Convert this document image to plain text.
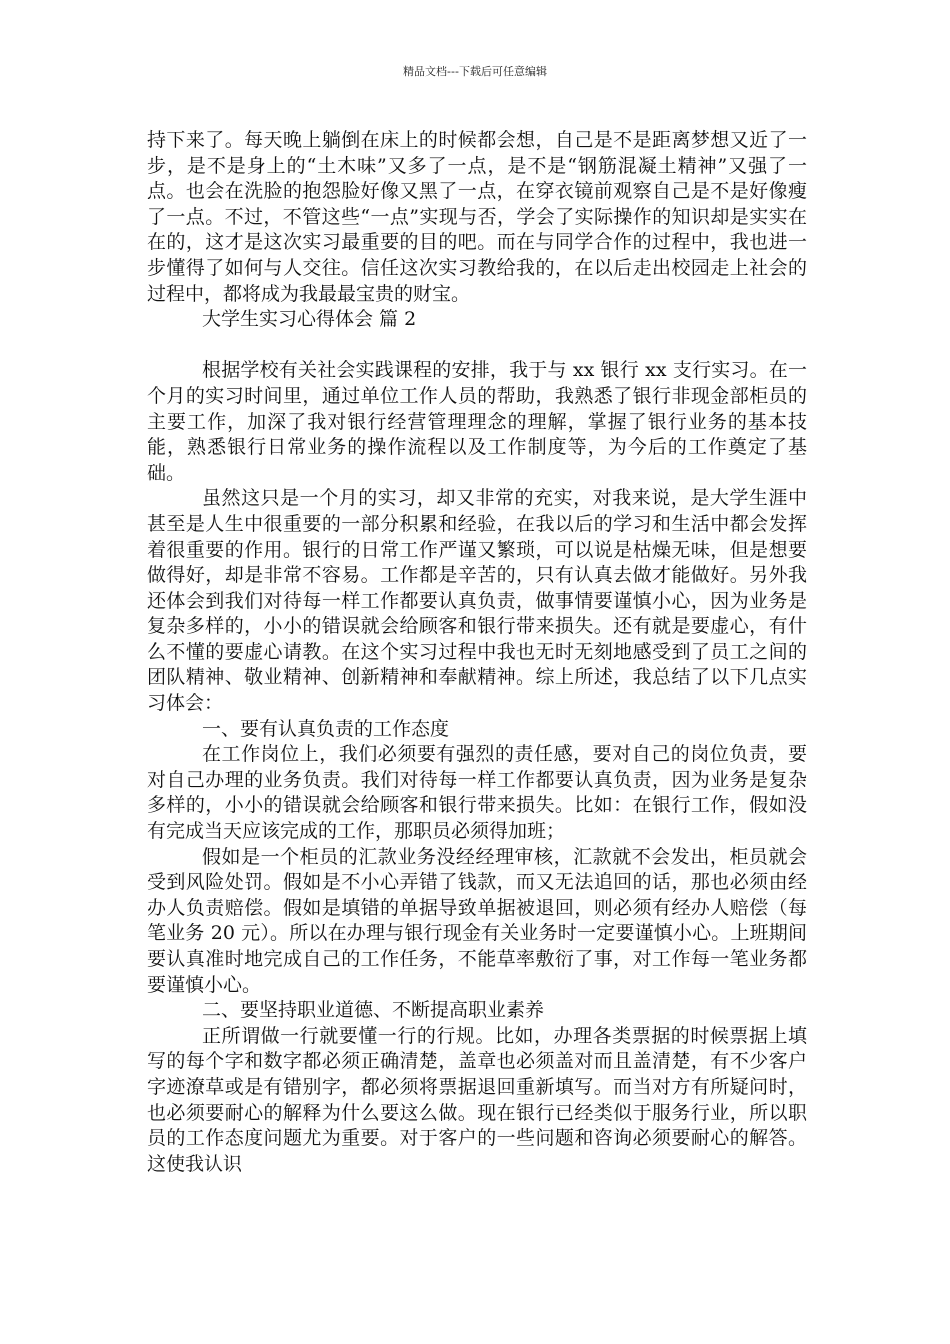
精品文档---下载后可任意编辑

持下来了。每天晚上躺倒在床上的时候都会想，自己是不是距离梦想又近了一步，是不是身上的“土木味”又多了一点，是不是“钢筋混凝土精神”又强了一点。也会在洗脸的抱怨脸好像又黑了一点，在穿衣镜前观察自己是不是好像瘦了一点。不过，不管这些“一点”实现与否，学会了实际操作的知识却是实实在在的，这才是这次实习最重要的目的吧。而在与同学合作的过程中，我也进一步懂得了如何与人交往。信任这次实习教给我的，在以后走出校园走上社会的过程中，都将成为我最最宝贵的财宝。

大学生实习心得体会 篇 2

根据学校有关社会实践课程的安排，我于与 xx 银行 xx 支行实习。在一个月的实习时间里，通过单位工作人员的帮助，我熟悉了银行非现金部柜员的主要工作，加深了我对银行经营管理理念的理解，掌握了银行业务的基本技能，熟悉银行日常业务的操作流程以及工作制度等，为今后的工作奠定了基础。

虽然这只是一个月的实习，却又非常的充实，对我来说，是大学生涯中甚至是人生中很重要的一部分积累和经验，在我以后的学习和生活中都会发挥着很重要的作用。银行的日常工作严谨又繁琐，可以说是枯燥无味，但是想要做得好，却是非常不容易。工作都是辛苦的，只有认真去做才能做好。另外我还体会到我们对待每一样工作都要认真负责，做事情要谨慎小心，因为业务是复杂多样的，小小的错误就会给顾客和银行带来损失。还有就是要虚心，有什么不懂的要虚心请教。在这个实习过程中我也无时无刻地感受到了员工之间的团队精神、敬业精神、创新精神和奉献精神。综上所述，我总结了以下几点实习体会：

一、要有认真负责的工作态度

在工作岗位上，我们必须要有强烈的责任感，要对自己的岗位负责，要对自己办理的业务负责。我们对待每一样工作都要认真负责，因为业务是复杂多样的，小小的错误就会给顾客和银行带来损失。比如：在银行工作，假如没有完成当天应该完成的工作，那职员必须得加班；

假如是一个柜员的汇款业务没经经理审核，汇款就不会发出，柜员就会受到风险处罚。假如是不小心弄错了钱款，而又无法追回的话，那也必须由经办人负责赔偿。假如是填错的单据导致单据被退回，则必须有经办人赔偿（每笔业务 20 元）。所以在办理与银行现金有关业务时一定要谨慎小心。上班期间要认真准时地完成自己的工作任务，不能草率敷衍了事，对工作每一笔业务都要谨慎小心。

二、要坚持职业道德、不断提高职业素养

正所谓做一行就要懂一行的行规。比如，办理各类票据的时候票据上填写的每个字和数字都必须正确清楚，盖章也必须盖对而且盖清楚，有不少客户字迹潦草或是有错别字，都必须将票据退回重新填写。而当对方有所疑问时，也必须要耐心的解释为什么要这么做。现在银行已经类似于服务行业，所以职员的工作态度问题尤为重要。对于客户的一些问题和咨询必须要耐心的解答。这使我认识
